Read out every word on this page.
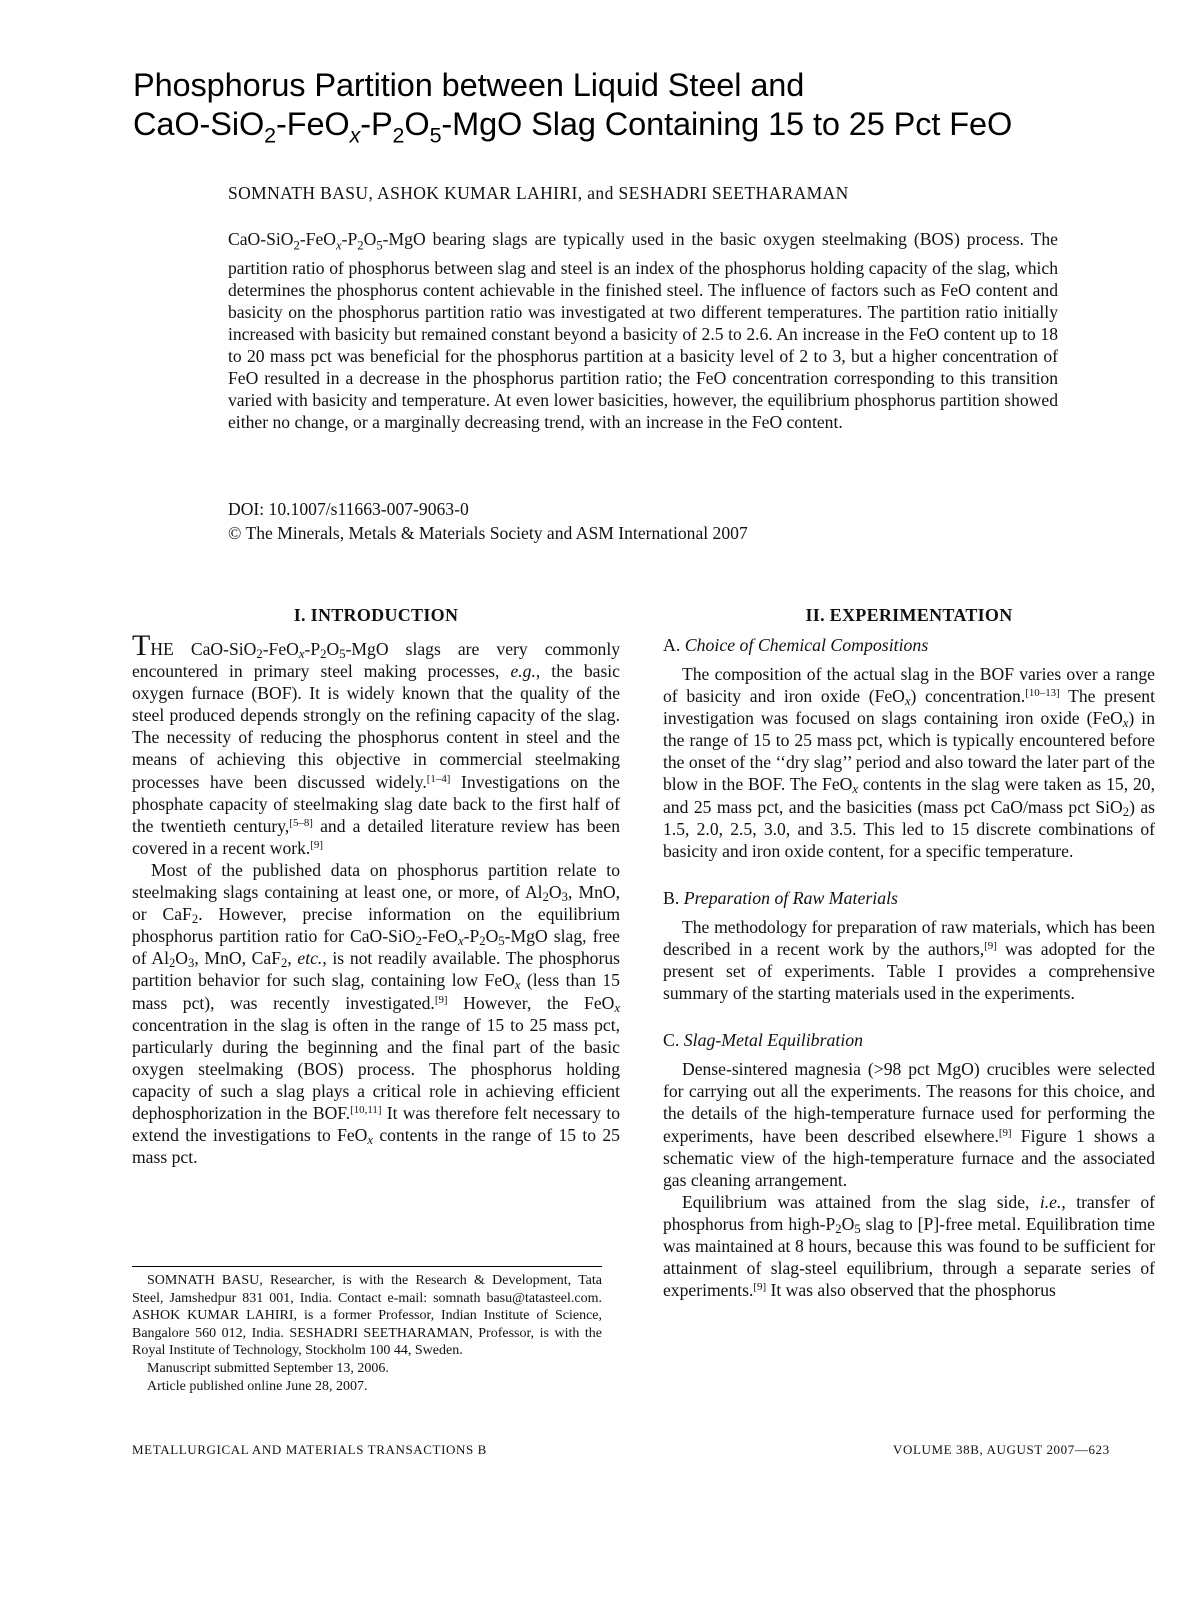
Phosphorus Partition between Liquid Steel and
CaO-$SiO_2-FeO_x-P_2O_5$-MgO Slag Containing 15 to 25 Pct FeO
SOMNATH BASU, ASHOK KUMAR LAHIRI, and SESHADRI SEETHARAMAN
CaO-$SiO_2-FeO_x-P_2O_5$-MgO bearing slags are typically used in the basic oxygen steelmaking (BOS) process. The partition ratio of phosphorus between slag and steel is an index of the phosphorus holding capacity of the slag, which determines the phosphorus content achievable in the finished steel. The influence of factors such as FeO content and basicity on the phosphorus partition ratio was investigated at two different temperatures. The partition ratio initially increased with basicity but remained constant beyond a basicity of 2.5 to 2.6. An increase in the FeO content up to 18 to 20 mass pct was beneficial for the phosphorus partition at a basicity level of 2 to 3, but a higher concentration of FeO resulted in a decrease in the phosphorus partition ratio; the FeO concentration corresponding to this transition varied with basicity and temperature. At even lower basicities, however, the equilibrium phosphorus partition showed either no change, or a marginally decreasing trend, with an increase in the FeO content.
DOI: 10.1007/s11663-007-9063-0
© The Minerals, Metals & Materials Society and ASM International 2007
I. INTRODUCTION

THE CaO-$SiO_2-FeO_x-P_2O_5$-MgO slags are very commonly encountered in primary steel making processes, e.g., the basic oxygen furnace (BOF). It is widely known that the quality of the steel produced depends strongly on the refining capacity of the slag. The necessity of reducing the phosphorus content in steel and the means of achieving this objective in commercial steelmaking processes have been discussed widely.[1–4] Investigations on the phosphate capacity of steelmaking slag date back to the first half of the twentieth century,[5–8] and a detailed literature review has been covered in a recent work.[9]

Most of the published data on phosphorus partition relate to steelmaking slags containing at least one, or more, of $Al_2O_3$, MnO, or CaF$_2$. However, precise information on the equilibrium phosphorus partition ratio for CaO-$SiO_2-FeO_x-P_2O_5$-MgO slag, free of $Al_2O_3$, MnO, CaF$_2$, etc., is not readily available. The phosphorus partition behavior for such slag, containing low FeO$_x$ (less than 15 mass pct), was recently investigated.[9] However, the FeO$_x$ concentration in the slag is often in the range of 15 to 25 mass pct, particularly during the beginning and the final part of the basic oxygen steelmaking (BOS) process. The phosphorus holding capacity of such a slag plays a critical role in achieving efficient dephosphorization in the BOF.[10,11] It was therefore felt necessary to extend the investigations to FeO$_x$ contents in the range of 15 to 25 mass pct.

II. EXPERIMENTATION
A. Choice of Chemical Compositions

The composition of the actual slag in the BOF varies over a range of basicity and iron oxide (FeO$_x$) concentration.[10–13] The present investigation was focused on slags containing iron oxide (FeO$_x$) in the range of 15 to 25 mass pct, which is typically encountered before the onset of the ‘‘dry slag’’ period and also toward the later part of the blow in the BOF. The FeO$_x$ contents in the slag were taken as 15, 20, and 25 mass pct, and the basicities (mass pct CaO/mass pct SiO$_2$) as 1.5, 2.0, 2.5, 3.0, and 3.5. This led to 15 discrete combinations of basicity and iron oxide content, for a specific temperature.

B. Preparation of Raw Materials

The methodology for preparation of raw materials, which has been described in a recent work by the authors,[9] was adopted for the present set of experiments. Table I provides a comprehensive summary of the starting materials used in the experiments.

C. Slag-Metal Equilibration

Dense-sintered magnesia (>98 pct MgO) crucibles were selected for carrying out all the experiments. The reasons for this choice, and the details of the high-temperature furnace used for performing the experiments, have been described elsewhere.[9] Figure 1 shows a schematic view of the high-temperature furnace and the associated gas cleaning arrangement.

Equilibrium was attained from the slag side, i.e., transfer of phosphorus from high-$P_2O_5$ slag to [P]-free metal. Equilibration time was maintained at 8 hours, because this was found to be sufficient for attainment of slag-steel equilibrium, through a separate series of experiments.[9] It was also observed that the phosphorus

SOMNATH BASU, Researcher, is with the Research & Development, Tata Steel, Jamshedpur 831 001, India. Contact e-mail: somnath basu@tatasteel.com. ASHOK KUMAR LAHIRI, is a former Professor, Indian Institute of Science, Bangalore 560 012, India. SESHADRI SEETHARAMAN, Professor, is with the Royal Institute of Technology, Stockholm 100 44, Sweden.

Manuscript submitted September 13, 2006.

Article published online June 28, 2007.

METALLURGICAL AND MATERIALS TRANSACTIONS B	VOLUME 38B, AUGUST 2007—623
